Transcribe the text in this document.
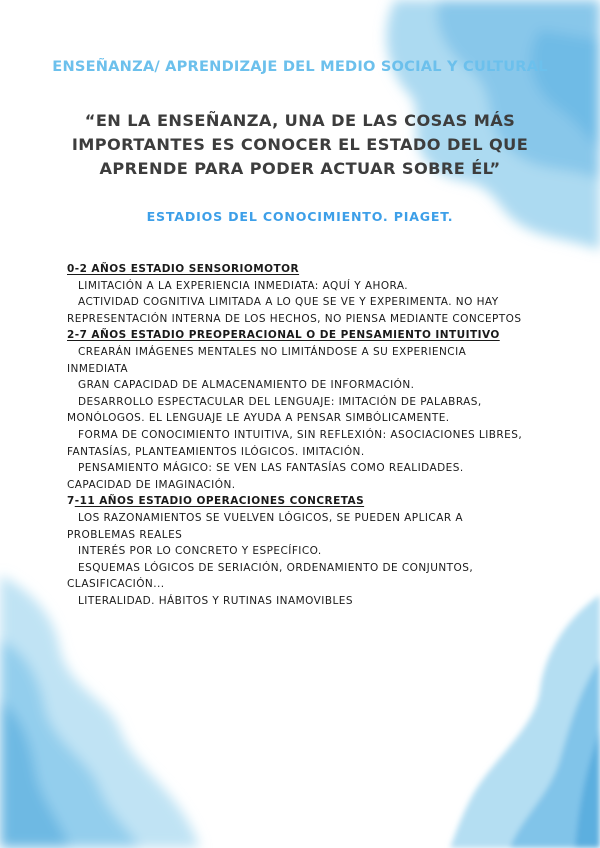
ENSEÑANZA/ APRENDIZAJE DEL MEDIO SOCIAL Y CULTURAL
“EN LA ENSEÑANZA, UNA DE LAS COSAS MÁS IMPORTANTES ES CONOCER EL ESTADO DEL QUE APRENDE PARA PODER ACTUAR SOBRE ÉL”
ESTADIOS DEL CONOCIMIENTO. PIAGET.

0-2 AÑOS ESTADIO SENSORIOMOTOR

LIMITACIÓN A LA EXPERIENCIA INMEDIATA: AQUÍ Y AHORA.

ACTIVIDAD COGNITIVA LIMITADA A LO QUE SE VE Y EXPERIMENTA. NO HAY REPRESENTACIÓN INTERNA DE LOS HECHOS, NO PIENSA MEDIANTE CONCEPTOS

2-7 AÑOS ESTADIO PREOPERACIONAL O DE PENSAMIENTO INTUITIVO

CREARÁN IMÁGENES MENTALES NO LIMITÁNDOSE A SU EXPERIENCIA INMEDIATA

GRAN CAPACIDAD DE ALMACENAMIENTO DE INFORMACIÓN.

DESARROLLO ESPECTACULAR DEL LENGUAJE: IMITACIÓN DE PALABRAS, MONÓLOGOS. EL LENGUAJE LE AYUDA A PENSAR SIMBÓLICAMENTE.

FORMA DE CONOCIMIENTO INTUITIVA, SIN REFLEXIÓN: ASOCIACIONES LIBRES, FANTASÍAS, PLANTEAMIENTOS ILÓGICOS. IMITACIÓN.

PENSAMIENTO MÁGICO: SE VEN LAS FANTASÍAS COMO REALIDADES. CAPACIDAD DE IMAGINACIÓN.

7-11 AÑOS ESTADIO OPERACIONES CONCRETAS

LOS RAZONAMIENTOS SE VUELVEN LÓGICOS, SE PUEDEN APLICAR A PROBLEMAS REALES

INTERÉS POR LO CONCRETO Y ESPECÍFICO.

ESQUEMAS LÓGICOS DE SERIACIÓN, ORDENAMIENTO DE CONJUNTOS, CLASIFICACIÓN...

LITERALIDAD. HÁBITOS Y RUTINAS INAMOVIBLES
